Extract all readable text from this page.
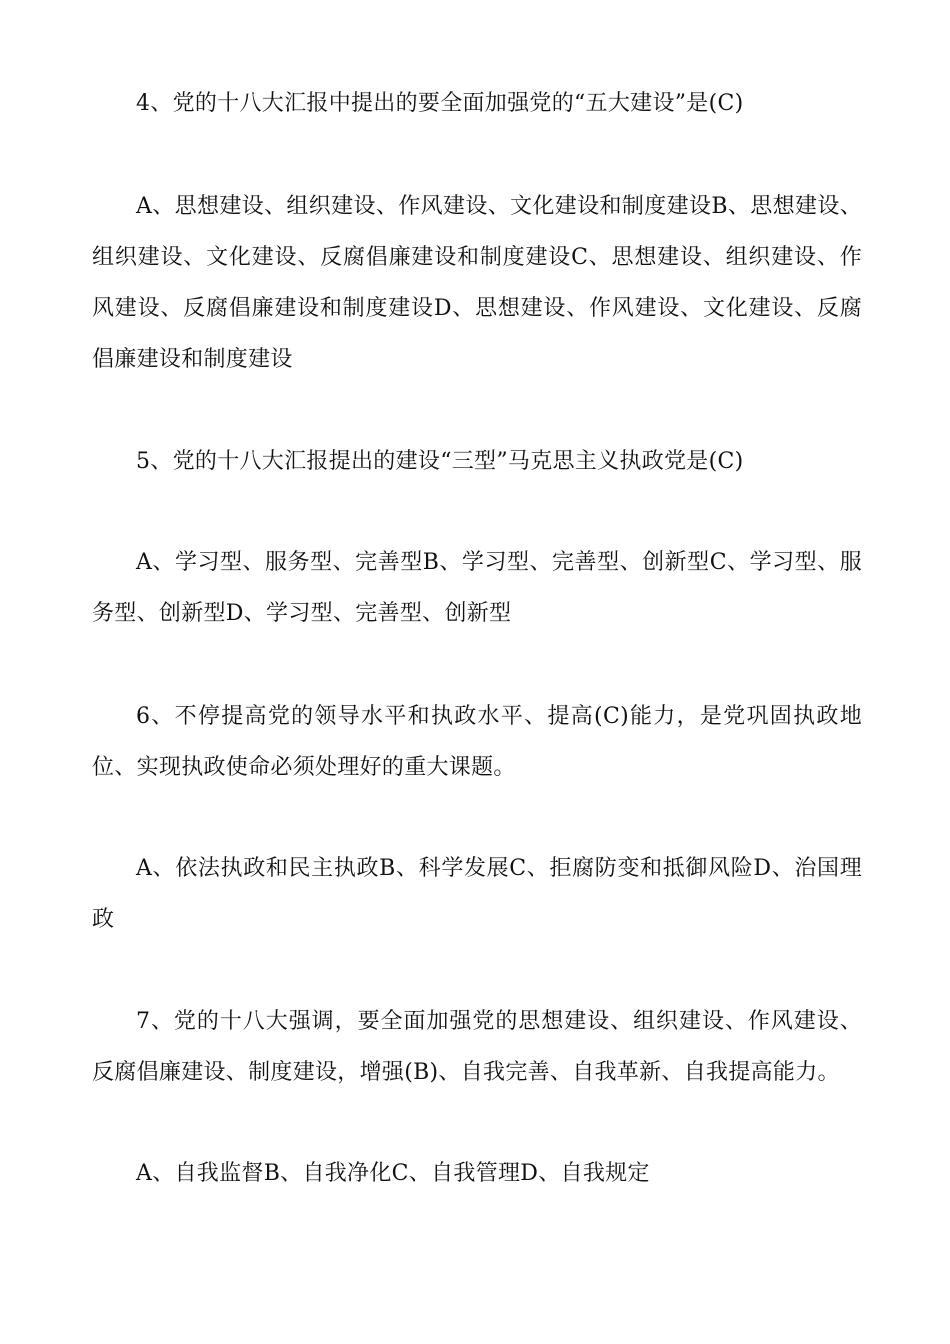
4、党的十八大汇报中提出的要全面加强党的“五大建设”是(C)

A、思想建设、组织建设、作风建设、文化建设和制度建设B、思想建设、组织建设、文化建设、反腐倡廉建设和制度建设C、思想建设、组织建设、作风建设、反腐倡廉建设和制度建设D、思想建设、作风建设、文化建设、反腐倡廉建设和制度建设

5、党的十八大汇报提出的建设“三型”马克思主义执政党是(C)

A、学习型、服务型、完善型B、学习型、完善型、创新型C、学习型、服务型、创新型D、学习型、完善型、创新型

6、不停提高党的领导水平和执政水平、提高(C)能力，是党巩固执政地位、实现执政使命必须处理好的重大课题。

A、依法执政和民主执政B、科学发展C、拒腐防变和抵御风险D、治国理政

7、党的十八大强调，要全面加强党的思想建设、组织建设、作风建设、反腐倡廉建设、制度建设，增强(B)、自我完善、自我革新、自我提高能力。

A、自我监督B、自我净化C、自我管理D、自我规定
